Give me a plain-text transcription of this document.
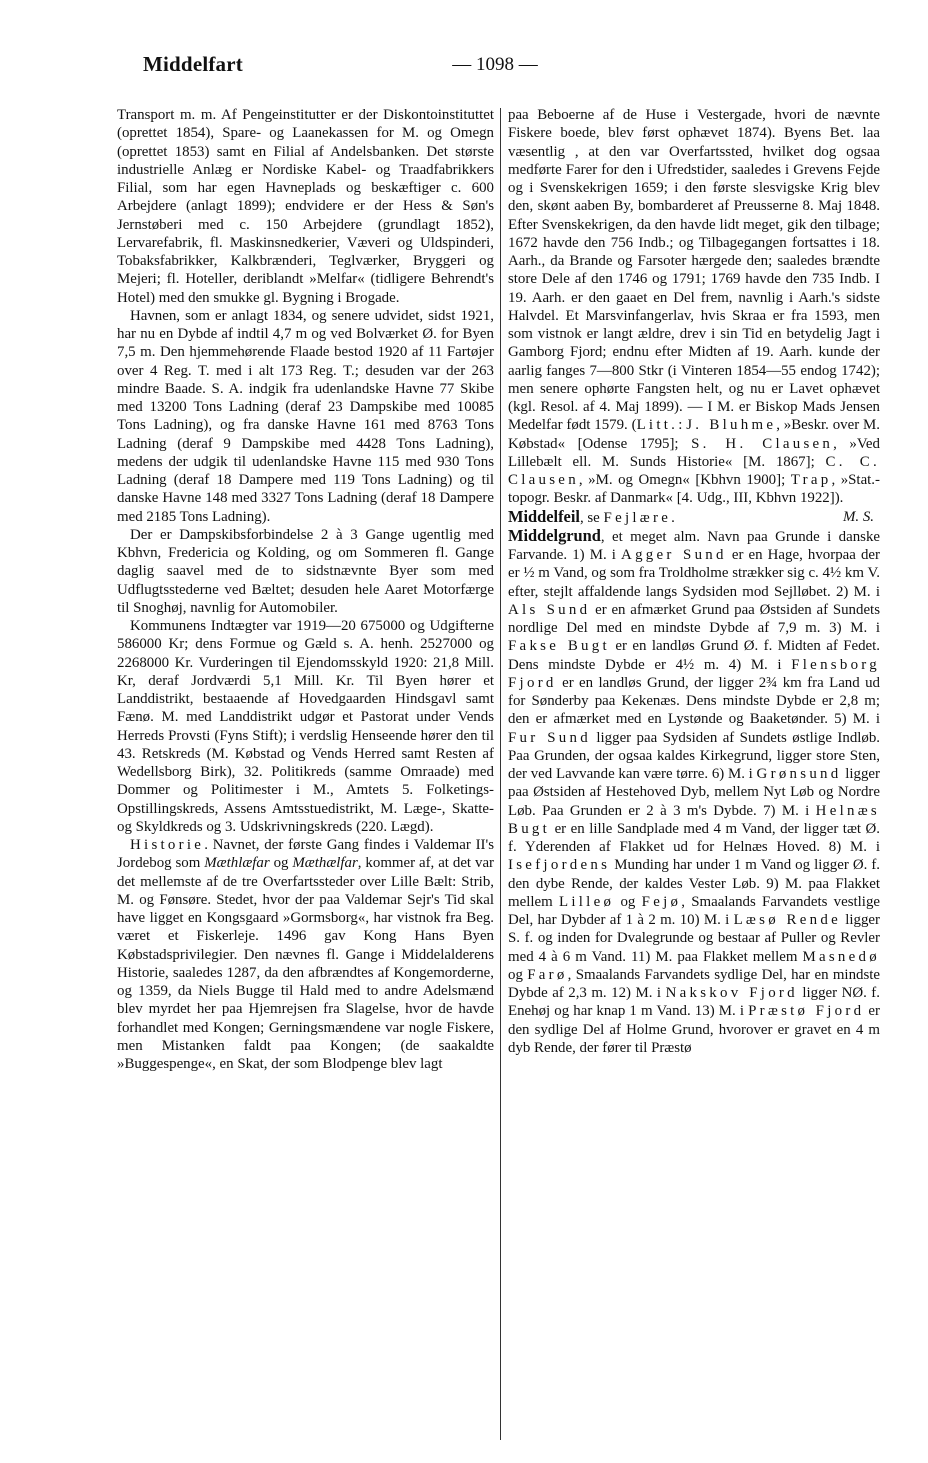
Middelfart	— 1098 —

Transport m. m. Af Pengeinstitutter er der Diskontoinstituttet (oprettet 1854), Spare- og Laanekassen for M. og Omegn (oprettet 1853) samt en Filial af Andelsbanken. Det største industrielle Anlæg er Nordiske Kabel- og Traadfabrikkers Filial, som har egen Havneplads og beskæftiger c. 600 Arbejdere (anlagt 1899); endvidere er der Hess & Søn's Jernstøberi med c. 150 Arbejdere (grundlagt 1852), Lervarefabrik, fl. Maskinsnedkerier, Væveri og Uldspinderi, Tobaksfabrikker, Kalkbrænderi, Teglværker, Bryggeri og Mejeri; fl. Hoteller, deriblandt »Melfar« (tidligere Behrendt's Hotel) med den smukke gl. Bygning i Brogade.

Havnen, som er anlagt 1834, og senere udvidet, sidst 1921, har nu en Dybde af indtil 4,7 m og ved Bolværket Ø. for Byen 7,5 m. Den hjemmehørende Flaade bestod 1920 af 11 Fartøjer over 4 Reg. T. med i alt 173 Reg. T.; desuden var der 263 mindre Baade. S. A. indgik fra udenlandske Havne 77 Skibe med 13200 Tons Ladning (deraf 23 Dampskibe med 10085 Tons Ladning), og fra danske Havne 161 med 8763 Tons Ladning (deraf 9 Dampskibe med 4428 Tons Ladning), medens der udgik til udenlandske Havne 115 med 930 Tons Ladning (deraf 18 Dampere med 119 Tons Ladning) og til danske Havne 148 med 3327 Tons Ladning (deraf 18 Dampere med 2185 Tons Ladning).

Der er Dampskibsforbindelse 2 à 3 Gange ugentlig med Kbhvn, Fredericia og Kolding, og om Sommeren fl. Gange daglig saavel med de to sidstnævnte Byer som med Udflugtsstederne ved Bæltet; desuden hele Aaret Motorfærge til Snoghøj, navnlig for Automobiler.

Kommunens Indtægter var 1919—20 675000 og Udgifterne 586000 Kr; dens Formue og Gæld s. A. henh. 2527000 og 2268000 Kr. Vurderingen til Ejendomsskyld 1920: 21,8 Mill. Kr, deraf Jordværdi 5,1 Mill. Kr. Til Byen hører et Landdistrikt, bestaaende af Hovedgaarden Hindsgavl samt Fænø. M. med Landdistrikt udgør et Pastorat under Vends Herreds Provsti (Fyns Stift); i verdslig Henseende hører den til 43. Retskreds (M. Købstad og Vends Herred samt Resten af Wedellsborg Birk), 32. Politikreds (samme Omraade) med Dommer og Politimester i M., Amtets 5. Folketings-Opstillingskreds, Assens Amtsstuedistrikt, M. Læge-, Skatte- og Skyldkreds og 3. Udskrivningskreds (220. Lægd).

Historie. Navnet, der første Gang findes i Valdemar II's Jordebog som Mæthlæfar og Mæthælfar, kommer af, at det var det mellemste af de tre Overfartssteder over Lille Bælt: Strib, M. og Fønsøre. Stedet, hvor der paa Valdemar Sejr's Tid skal have ligget en Kongsgaard »Gormsborg«, har vistnok fra Beg. været et Fiskerleje. 1496 gav Kong Hans Byen Købstadsprivilegier. Den nævnes fl. Gange i Middelalderens Historie, saaledes 1287, da den afbrændtes af Kongemorderne, og 1359, da Niels Bugge til Hald med to andre Adelsmænd blev myrdet her paa Hjemrejsen fra Slagelse, hvor de havde forhandlet med Kongen; Gerningsmændene var nogle Fiskere, men Mistanken faldt paa Kongen; (de saakaldte »Buggespenge«, en Skat, der som Blodpenge blev lagt

paa Beboerne af de Huse i Vestergade, hvori de nævnte Fiskere boede, blev først ophævet 1874). Byens Bet. laa væsentlig , at den var Overfartssted, hvilket dog ogsaa medførte Farer for den i Ufredstider, saaledes i Grevens Fejde og i Svenskekrigen 1659; i den første slesvigske Krig blev den, skønt aaben By, bombarderet af Preusserne 8. Maj 1848. Efter Svenskekrigen, da den havde lidt meget, gik den tilbage; 1672 havde den 756 Indb.; og Tilbagegangen fortsattes i 18. Aarh., da Brande og Farsoter hærgede den; saaledes brændte store Dele af den 1746 og 1791; 1769 havde den 735 Indb. I 19. Aarh. er den gaaet en Del frem, navnlig i Aarh.'s sidste Halvdel. Et Marsvinfangerlav, hvis Skraa er fra 1593, men som vistnok er langt ældre, drev i sin Tid en betydelig Jagt i Gamborg Fjord; endnu efter Midten af 19. Aarh. kunde der aarlig fanges 7—800 Stkr (i Vinteren 1854—55 endog 1742); men senere ophørte Fangsten helt, og nu er Lavet ophævet (kgl. Resol. af 4. Maj 1899). — I M. er Biskop Mads Jensen Medelfar født 1579. (Litt.: J. Bluhme, »Beskr. over M. Købstad« [Odense 1795]; S. H. Clausen, »Ved Lillebælt ell. M. Sunds Historie« [M. 1867]; C. C. Clausen, »M. og Omegn« [Kbhvn 1900]; Trap, »Stat.-topogr. Beskr. af Danmark« [4. Udg., III, Kbhvn 1922]).
M. S.

Middelfeil, se Fejlære.

Middelgrund, et meget alm. Navn paa Grunde i danske Farvande. 1) M. i Agger Sund er en Hage, hvorpaa der er ½ m Vand, og som fra Troldholme strækker sig c. 4½ km V. efter, stejlt affaldende langs Sydsiden mod Sejlløbet. 2) M. i Als Sund er en afmærket Grund paa Østsiden af Sundets nordlige Del med en mindste Dybde af 7,9 m. 3) M. i Fakse Bugt er en landløs Grund Ø. f. Midten af Fedet. Dens mindste Dybde er 4½ m. 4) M. i Flensborg Fjord er en landløs Grund, der ligger 2¾ km fra Land ud for Sønderby paa Kekenæs. Dens mindste Dybde er 2,8 m; den er afmærket med en Lystønde og Baaketønder. 5) M. i Fur Sund ligger paa Sydsiden af Sundets østlige Indløb. Paa Grunden, der ogsaa kaldes Kirkegrund, ligger store Sten, der ved Lavvande kan være tørre. 6) M. i Grønsund ligger paa Østsiden af Hestehoved Dyb, mellem Nyt Løb og Nordre Løb. Paa Grunden er 2 à 3 m's Dybde. 7) M. i Helnæs Bugt er en lille Sandplade med 4 m Vand, der ligger tæt Ø. f. Yderenden af Flakket ud for Helnæs Hoved. 8) M. i Isefjordens Munding har under 1 m Vand og ligger Ø. f. den dybe Rende, der kaldes Vester Løb. 9) M. paa Flakket mellem Lilleø og Fejø, Smaalands Farvandets vestlige Del, har Dybder af 1 à 2 m. 10) M. i Læsø Rende ligger S. f. og inden for Dvalegrunde og bestaar af Puller og Revler med 4 à 6 m Vand. 11) M. paa Flakket mellem Masnedø og Farø, Smaalands Farvandets sydlige Del, har en mindste Dybde af 2,3 m. 12) M. i Nakskov Fjord ligger NØ. f. Enehøj og har knap 1 m Vand. 13) M. i Præstø Fjord er den sydlige Del af Holme Grund, hvorover er gravet en 4 m dyb Rende, der fører til Præstø
